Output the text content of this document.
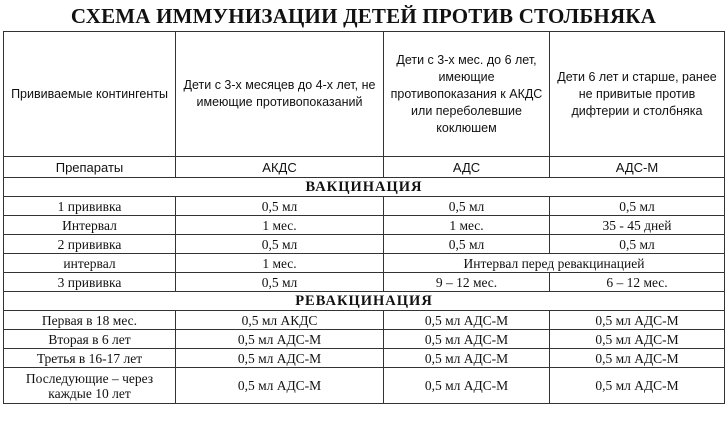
СХЕМА ИММУНИЗАЦИИ ДЕТЕЙ ПРОТИВ СТОЛБНЯКА
Прививаемые контингенты	Дети с 3-х месяцев до 4-х лет, не имеющие противопоказаний	Дети с 3-х мес. до 6 лет, имеющие противопоказания к АКДС или переболевшие коклюшем	Дети 6 лет и старше, ранее не привитые против дифтерии и столбняка
Препараты	АКДС	АДС	АДС-М
ВАКЦИНАЦИЯ			
1 прививка	0,5 мл	0,5 мл	0,5 мл
Интервал	1 мес.	1 мес.	35 - 45 дней
2 прививка	0,5 мл	0,5 мл	0,5 мл
интервал	1 мес.	Интервал перед ревакцинацией	
3 прививка	0,5 мл	9 – 12 мес.	6 – 12 мес.
РЕВАКЦИНАЦИЯ			
Первая в 18 мес.	0,5 мл АКДС	0,5 мл АДС-М	0,5 мл АДС-М
Вторая в 6 лет	0,5 мл АДС-М	0,5 мл АДС-М	0,5 мл АДС-М
Третья в 16-17 лет	0,5 мл АДС-М	0,5 мл АДС-М	0,5 мл АДС-М
Последующие – через каждые 10 лет	0,5 мл АДС-М	0,5 мл АДС-М	0,5 мл АДС-М
